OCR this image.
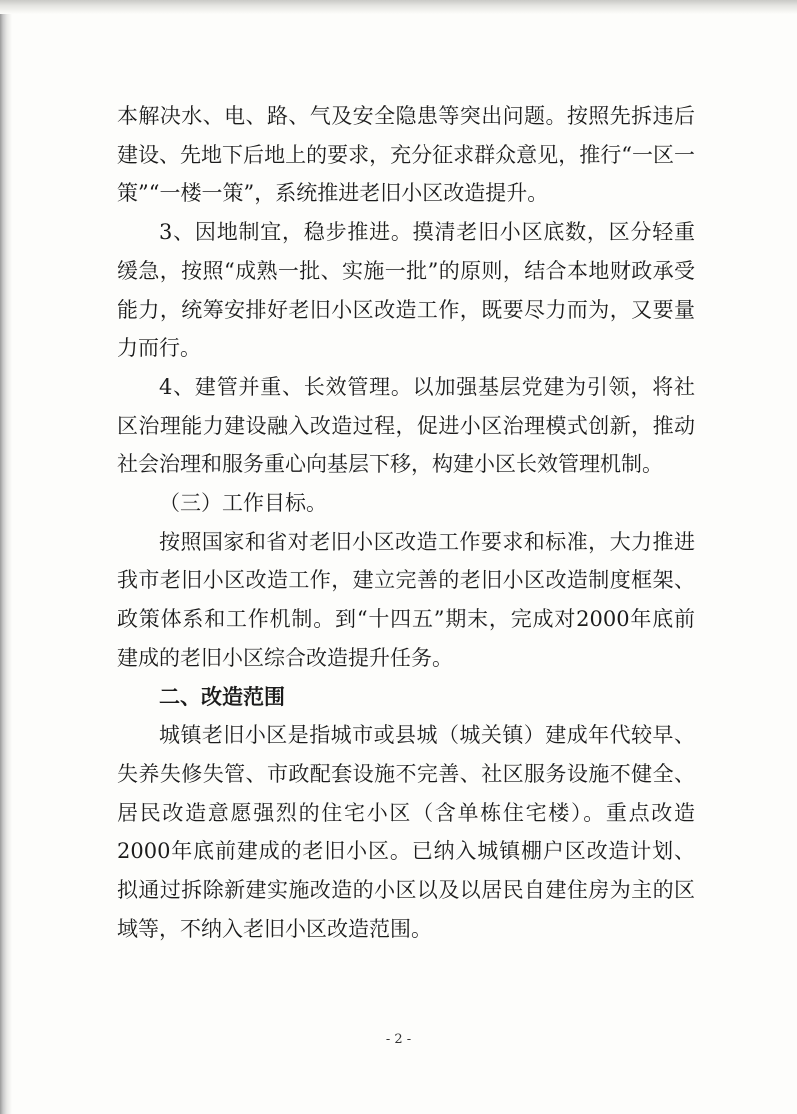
本解决水、电、路、气及安全隐患等突出问题。按照先拆违后建设、先地下后地上的要求，充分征求群众意见，推行“一区一策”“一楼一策”，系统推进老旧小区改造提升。

3、因地制宜，稳步推进。摸清老旧小区底数，区分轻重缓急，按照“成熟一批、实施一批”的原则，结合本地财政承受能力，统筹安排好老旧小区改造工作，既要尽力而为，又要量力而行。

4、建管并重、长效管理。以加强基层党建为引领，将社区治理能力建设融入改造过程，促进小区治理模式创新，推动社会治理和服务重心向基层下移，构建小区长效管理机制。

（三）工作目标。

按照国家和省对老旧小区改造工作要求和标准，大力推进我市老旧小区改造工作，建立完善的老旧小区改造制度框架、政策体系和工作机制。到“十四五”期末，完成对2000年底前建成的老旧小区综合改造提升任务。

二、改造范围

城镇老旧小区是指城市或县城（城关镇）建成年代较早、失养失修失管、市政配套设施不完善、社区服务设施不健全、居民改造意愿强烈的住宅小区（含单栋住宅楼）。重点改造2000年底前建成的老旧小区。已纳入城镇棚户区改造计划、拟通过拆除新建实施改造的小区以及以居民自建住房为主的区域等，不纳入老旧小区改造范围。

- 2 -
